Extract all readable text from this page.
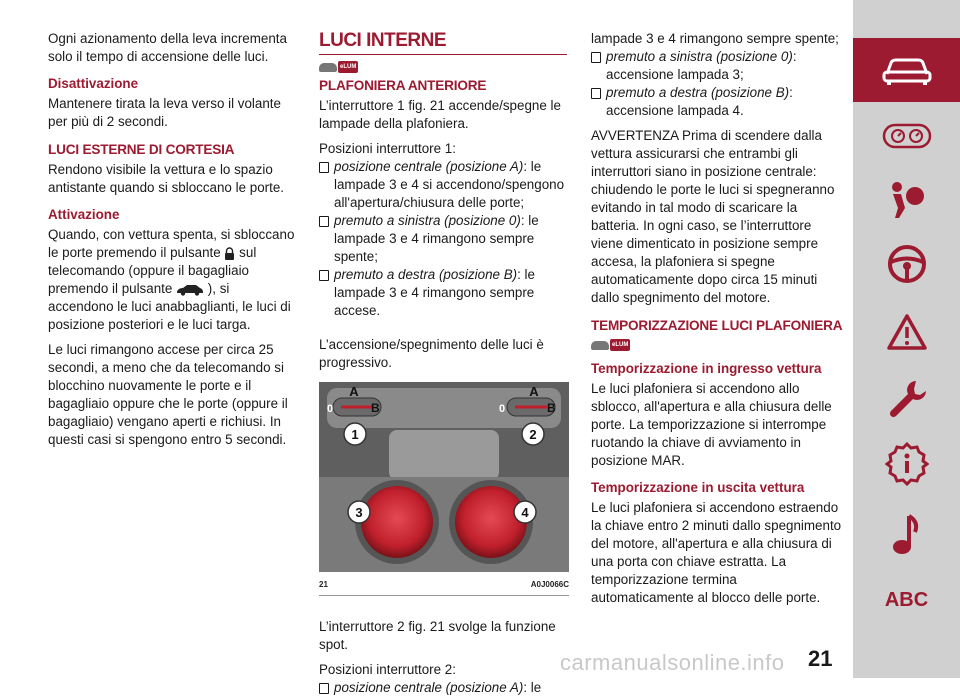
Ogni azionamento della leva incrementa solo il tempo di accensione delle luci.

Disattivazione

Mantenere tirata la leva verso il volante per più di 2 secondi.

LUCI ESTERNE DI CORTESIA

Rendono visibile la vettura e lo spazio antistante quando si sbloccano le porte.

Attivazione

Quando, con vettura spenta, si sbloccano le porte premendo il pulsante sul telecomando (oppure il bagagliaio premendo il pulsante	), si accendono le luci anabbaglianti, le luci di posizione posteriori e le luci targa.

Le luci rimangono accese per circa 25 secondi, a meno che da telecomando si blocchino nuovamente le porte e il bagagliaio oppure che le porte (oppure il bagagliaio) vengano aperti e richiusi. In questi casi si spengono entro 5 secondi.

LUCI INTERNE
eLUM
PLAFONIERA ANTERIORE

L’interruttore 1 fig. 21 accende/spegne le lampade della plafoniera.

Posizioni interruttore 1:

posizione centrale (posizione A): le lampade 3 e 4 si accendono/spengono all'apertura/chiusura delle porte;
premuto a sinistra (posizione 0): le lampade 3 e 4 rimangono sempre spente;
premuto a destra (posizione B): le lampade 3 e 4 rimangono sempre accese.

L’accensione/spegnimento delle luci è progressivo.

A	A
0	B	0	B
1	2
3	4
21	A0J0066C

L’interruttore 2 fig. 21 svolge la funzione spot.

Posizioni interruttore 2:

posizione centrale (posizione A): le

lampade 3 e 4 rimangono sempre spente;

premuto a sinistra (posizione 0): accensione lampada 3;
premuto a destra (posizione B): accensione lampada 4.

AVVERTENZA Prima di scendere dalla vettura assicurarsi che entrambi gli interruttori siano in posizione centrale: chiudendo le porte le luci si spegneranno evitando in tal modo di scaricare la batteria. In ogni caso, se l’interruttore viene dimenticato in posizione sempre accesa, la plafoniera si spegne automaticamente dopo circa 15 minuti dallo spegnimento del motore.

TEMPORIZZAZIONE LUCI PLAFONIERA
eLUM
Temporizzazione in ingresso vettura

Le luci plafoniera si accendono allo sblocco, all'apertura e alla chiusura delle porte. La temporizzazione si interrompe ruotando la chiave di avviamento in posizione MAR.

Temporizzazione in uscita vettura

Le luci plafoniera si accendono estraendo la chiave entro 2 minuti dallo spegnimento del motore, all'apertura e alla chiusura di una porta con chiave estratta. La temporizzazione termina automaticamente al blocco delle porte.	ABC
carmanualsonline.info 21
